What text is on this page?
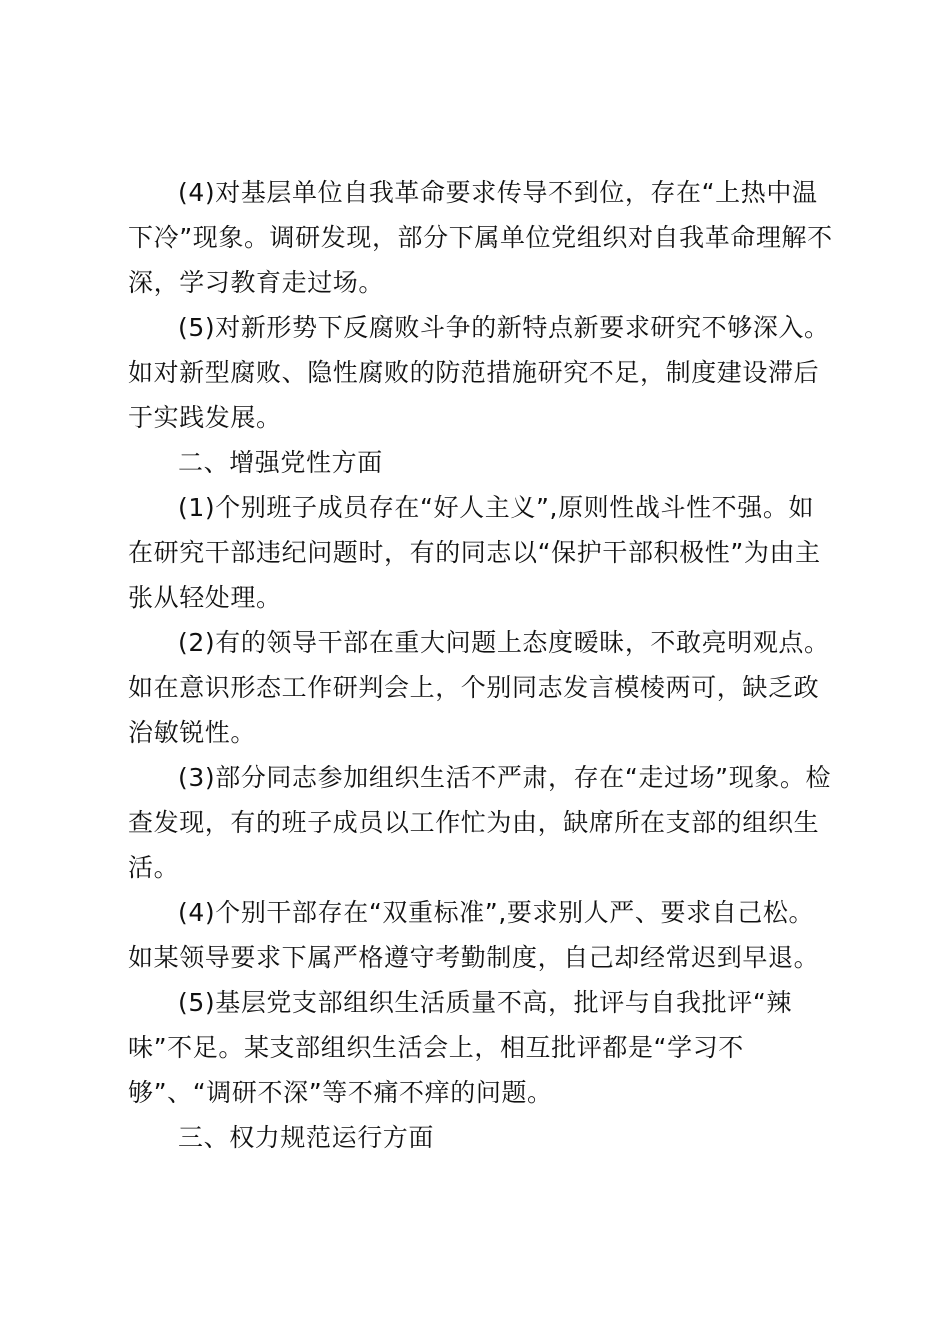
(4)对基层单位自我革命要求传导不到位，存在“上热中温
下冷”现象。调研发现，部分下属单位党组织对自我革命理解不
深，学习教育走过场。
(5)对新形势下反腐败斗争的新特点新要求研究不够深入。
如对新型腐败、隐性腐败的防范措施研究不足，制度建设滞后
于实践发展。
二、增强党性方面
(1)个别班子成员存在“好人主义”,原则性战斗性不强。如
在研究干部违纪问题时，有的同志以“保护干部积极性”为由主
张从轻处理。
(2)有的领导干部在重大问题上态度暧昧，不敢亮明观点。
如在意识形态工作研判会上，个别同志发言模棱两可，缺乏政
治敏锐性。
(3)部分同志参加组织生活不严肃，存在“走过场”现象。检
查发现，有的班子成员以工作忙为由，缺席所在支部的组织生
活。
(4)个别干部存在“双重标准”,要求别人严、要求自己松。
如某领导要求下属严格遵守考勤制度，自己却经常迟到早退。
(5)基层党支部组织生活质量不高，批评与自我批评“辣
味”不足。某支部组织生活会上，相互批评都是“学习不
够”、“调研不深”等不痛不痒的问题。
三、权力规范运行方面
